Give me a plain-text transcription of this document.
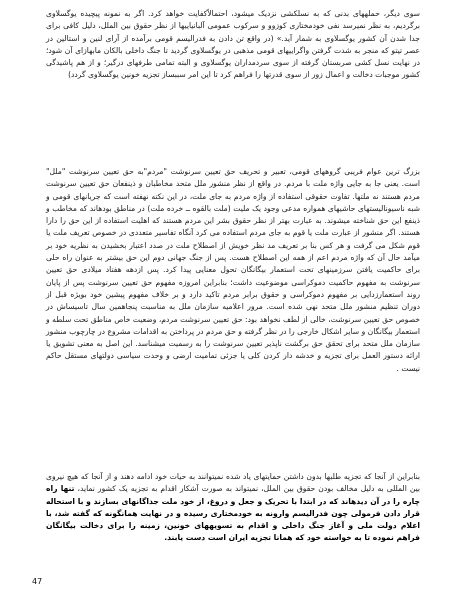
سوی دیگر، حملههای بدنی که به نسلکشی نزدیک میشود، احتمالاًکفایت خواهد کرد. اگر به نمونه پیچیده یوگسلاوی برگردیم، به نظر نمیرسد نفی خودمختاری کوزوو و سرکوب عمومی آلبانیاییها از نظر حقوق بین الملل، دلیل کافی برای جدا شدن آن کشور یوگسلاوی به شمار آید.» (در واقع تن دادن به فدرالیسم قومی برآمده از آرای لنین و استالین در عصر تیتو که منجر به شدت گرفتن واگراییهای قومی مذهبی در یوگسلاوی گردید تا جنگ داخلی بالکان مابهازای آن شود؛ در نهایت نسل کشی صربستان گرفته از سوی سردمداران یوگسلاوی و البته تمامی طرفهای درگیر؛ و از هم پاشیدگی کشور موجبات دخالت و اعمال زور از سوی قدرتها را فراهم کرد تا این امر سببساز تجزیه خونین یوگسلاوی گردد)

بزرگ ترین عوام فریبی گروههای قومی، تعبیر و تحریف حق تعیین سرنوشت "مردم"به حق تعیین سرنوشت "ملل" است. یعنی جا به جایی واژه ملت با مردم. در واقع از نظر منشور ملل متحد مخاطبان و ذینفعان حق تعیین سرنوشت مردم هستند نه ملتها. تفاوت حقوقی استفاده از واژه مردم به جای ملت، در این نکته نهفته است که جریانهای قومی و شبه ناسیونالیستهای حاشیهای همواره مدعی وجود یک ملیت (ملت بالقوه ــ خرده ملت) در مناطق بودهاند که مخاطب و ذینفع این حق شناخته میشوند. به عبارت بهتر از نظر حقوق بشر این مردم هستند که اهلیت استفاده از این حق را دارا هستند. اگر منشور از عبارت ملت یا قوم به جای مردم استفاده می کرد آنگاه تفاسیر متعددی در خصوص تعریف ملت یا قوم شکل می گرفت و هر کس بنا بر تعریف مد نظر خویش از اصطلاح ملت در صدد اعتبار بخشیدن به نظریه خود بر میآمد حال آن که واژه مردم اعم از همه این اصطلاح هست. پس از جنگ جهانی دوم این حق بیشتر به عنوان راه حلی برای حاکمیت یافتن سرزمینهای تحت استعمار بیگانگان تحول معنایی پیدا کرد. پس ازدهه هفتاد میلادی حق تعیین سرنوشت به مفهوم حاکمیت دموکراسی موضوعیت داشت؛ بنابراین امروزه مفهوم حق تعیین سرنوشت پس از پایان روند استعمارزدایی بر مفهوم دموکراسی و حقوق برابر مردم تاکید دارد و بر خلاف مفهوم پیشین خود بویژه قبل از دوران تنظیم منشور ملل متحد نهی شده است. مرور اعلامیه سازمان ملل به مناسبت پنجاهمین سال تاسیساش در خصوص حق تعیین سرنوشت، خالی از لطف نخواهد بود: حق تعیین سرنوشت مردم، وضعیت خاص مناطق تحت سلطه و استعمار بیگانگان و سایر اشکال خارجی را در نظر گرفته و حق مردم در پرداختن به اقدامات مشروع در چارچوب منشور سازمان ملل متحد برای تحقق حق برگشت ناپذیر تعیین سرنوشت را به رسمیت میشناسد. این اصل به معنی تشویق یا ارائه دستور العمل برای تجزیه و خدشه دار کردن کلی یا جزئی تمامیت ارضی و وحدت سیاسی دولتهای مستقل حاکم نیست .

بنابراین از آنجا که تجزیه طلبها بدون داشتن حمایتهای یاد شده نمیتوانند به حیات خود ادامه دهند و از آنجا که هیچ نیروی بین المللی به دلیل مخالف بودن حقوق بین الملل، نمیتواند به صورت آشکار اقدام به تجزیه یک کشور نماید، تنها راه چاره را در آن دیدهاند که در ابتدا با تحریک و جعل و دروغ، از خود ملت جداگانهای بسازند و با استحاله قرار دادن فرمولی چون فدرالیسم وارونه به خودمختاری رسیده و در نهایت همانگونه که گفته شد، با اعلام دولت ملی و آغاز جنگ داخلی و اقدام به تسویههای خونین، زمینه را برای دخالت بیگانگان فراهم نموده تا به خواسته خود که همانا تجزیه ایران است دست یابند.

47
